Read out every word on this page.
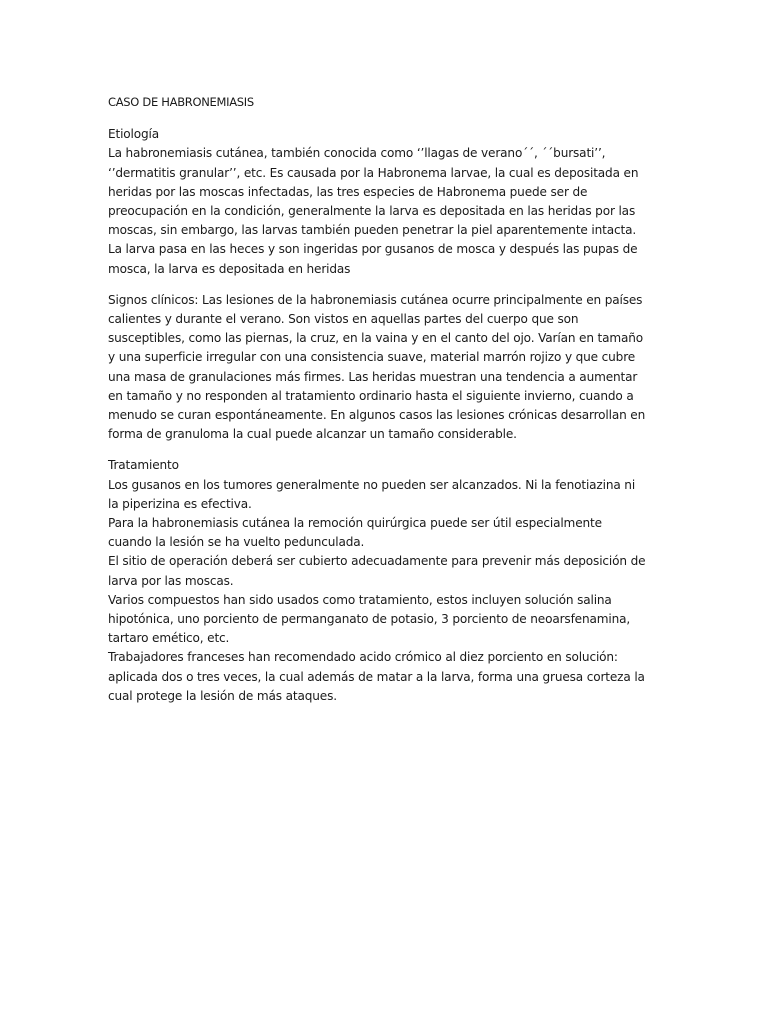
CASO DE HABRONEMIASIS
Etiología
La habronemiasis cutánea, también conocida como ‘’llagas de verano´´, ´´bursati’’, ‘’dermatitis granular’’, etc. Es causada por la Habronema larvae, la cual es depositada en heridas por las moscas infectadas, las tres especies de Habronema puede ser de preocupación en la condición, generalmente la larva es depositada en las heridas por las moscas, sin embargo, las larvas también pueden penetrar la piel aparentemente intacta.
La larva pasa en las heces y son ingeridas por gusanos de mosca y después las pupas de mosca, la larva es depositada en heridas
Signos clínicos: Las lesiones de la habronemiasis cutánea ocurre principalmente en países calientes y durante el verano. Son vistos en aquellas partes del cuerpo que son susceptibles, como las piernas, la cruz, en la vaina y en el canto del ojo. Varían en tamaño y una superficie irregular con una consistencia suave, material marrón rojizo y que cubre una masa de granulaciones más firmes. Las heridas muestran una tendencia a aumentar en tamaño y no responden al tratamiento ordinario hasta el siguiente invierno, cuando a menudo se curan espontáneamente. En algunos casos las lesiones crónicas desarrollan en forma de granuloma la cual puede alcanzar un tamaño considerable.
Tratamiento
Los gusanos en los tumores generalmente no pueden ser alcanzados. Ni la fenotiazina ni la piperizina es efectiva.
Para la habronemiasis cutánea la remoción quirúrgica puede ser útil especialmente cuando la lesión se ha vuelto pedunculada.
El sitio de operación deberá ser cubierto adecuadamente para prevenir más deposición de larva por las moscas.
Varios compuestos han sido usados como tratamiento, estos incluyen solución salina hipotónica, uno porciento de permanganato de potasio, 3 porciento de neoarsfenamina, tartaro emético, etc.
Trabajadores franceses han recomendado acido crómico al diez porciento en solución: aplicada dos o tres veces, la cual además de matar a la larva, forma una gruesa corteza la cual protege la lesión de más ataques.
